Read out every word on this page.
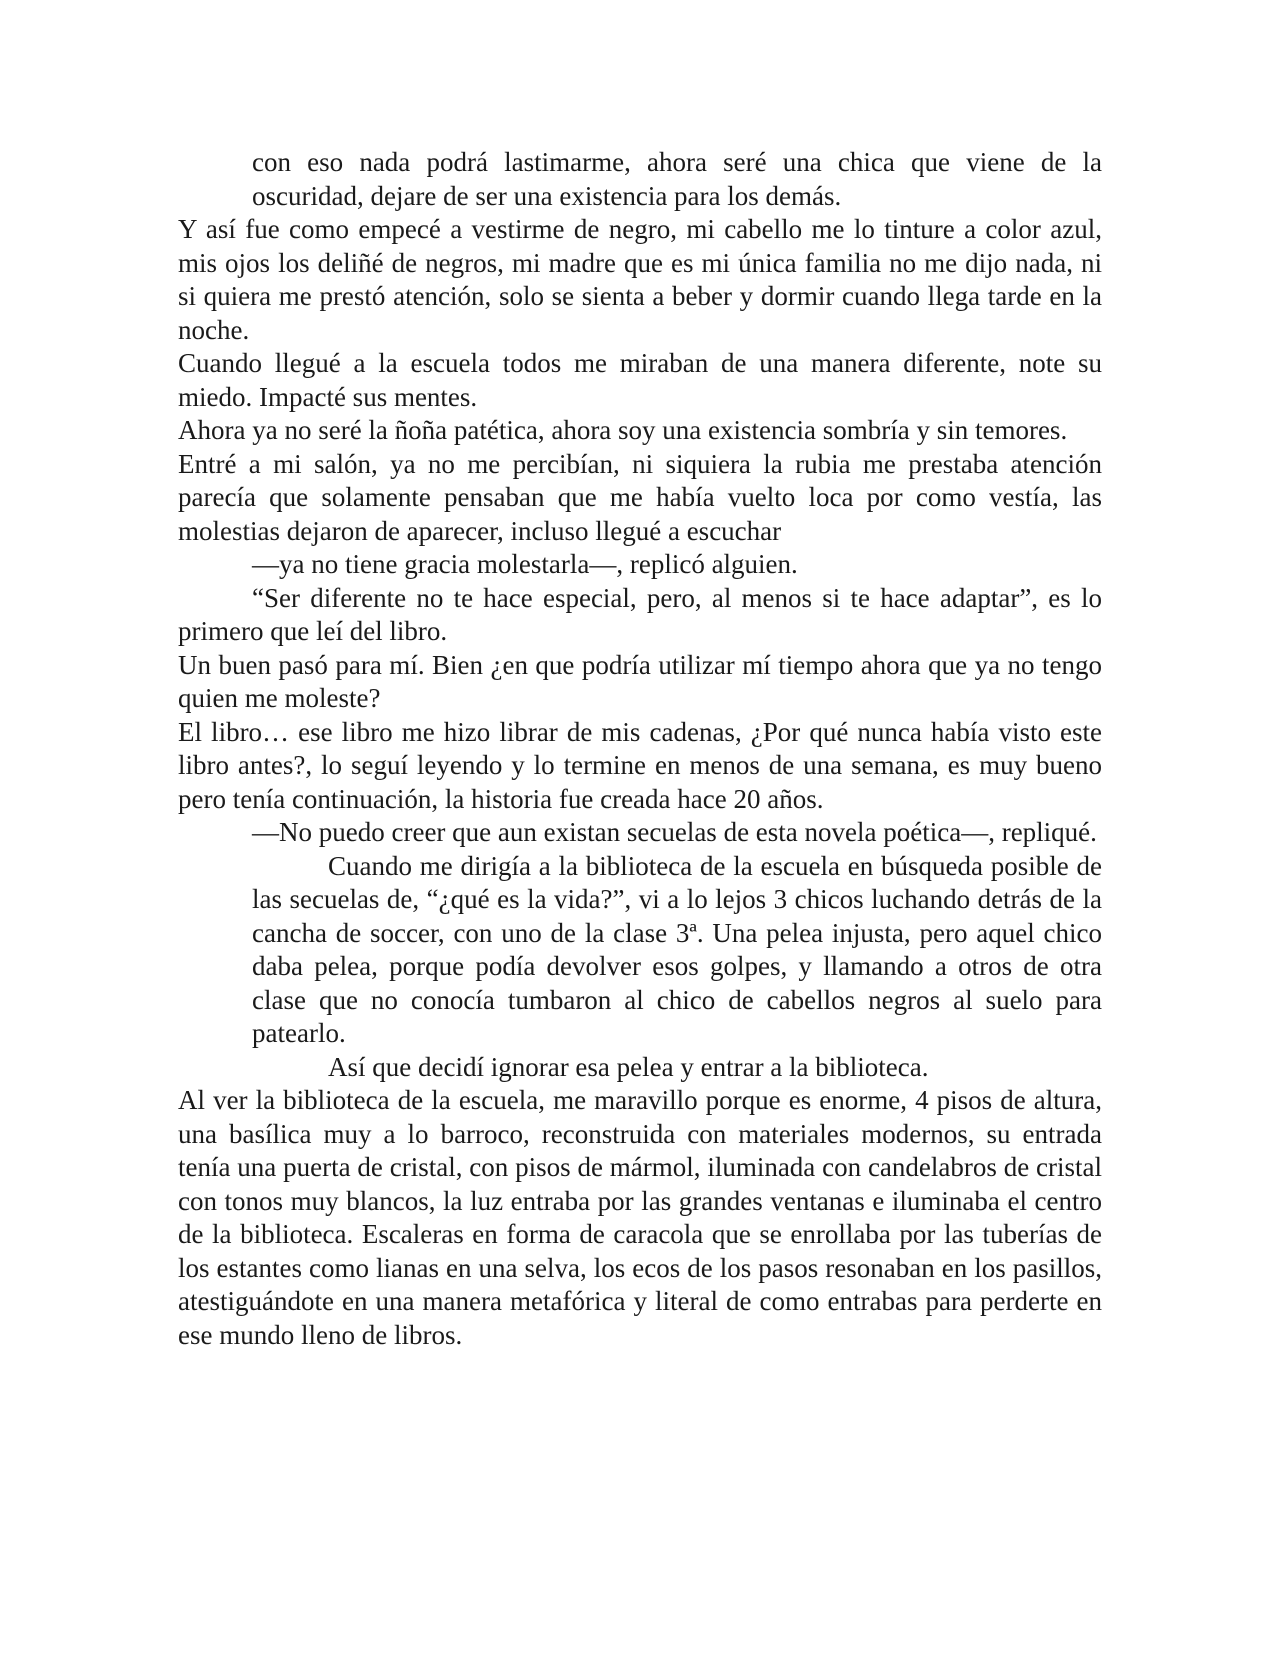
con eso nada podrá lastimarme, ahora seré una chica que viene de la oscuridad, dejare de ser una existencia para los demás.

Y así fue como empecé a vestirme de negro, mi cabello me lo tinture a color azul, mis ojos los deliñé de negros, mi madre que es mi única familia no me dijo nada, ni si quiera me prestó atención, solo se sienta a beber y dormir cuando llega tarde en la noche.

Cuando llegué a la escuela todos me miraban de una manera diferente, note su miedo. Impacté sus mentes.

Ahora ya no seré la ñoña patética, ahora soy una existencia sombría y sin temores.

Entré a mi salón, ya no me percibían, ni siquiera la rubia me prestaba atención parecía que solamente pensaban que me había vuelto loca por como vestía, las molestias dejaron de aparecer, incluso llegué a escuchar

—ya no tiene gracia molestarla—, replicó alguien.

“Ser diferente no te hace especial, pero, al menos si te hace adaptar”, es lo primero que leí del libro.

Un buen pasó para mí. Bien ¿en que podría utilizar mí tiempo ahora que ya no tengo quien me moleste?

El libro… ese libro me hizo librar de mis cadenas, ¿Por qué nunca había visto este libro antes?, lo seguí leyendo y lo termine en menos de una semana, es muy bueno pero tenía continuación, la historia fue creada hace 20 años.

—No puedo creer que aun existan secuelas de esta novela poética—, repliqué.

Cuando me dirigía a la biblioteca de la escuela en búsqueda posible de las secuelas de, “¿qué es la vida?”, vi a lo lejos 3 chicos luchando detrás de la cancha de soccer, con uno de la clase 3ª. Una pelea injusta, pero aquel chico daba pelea, porque podía devolver esos golpes, y llamando a otros de otra clase que no conocía tumbaron al chico de cabellos negros al suelo para patearlo.

Así que decidí ignorar esa pelea y entrar a la biblioteca.

Al ver la biblioteca de la escuela, me maravillo porque es enorme, 4 pisos de altura, una basílica muy a lo barroco, reconstruida con materiales modernos, su entrada tenía una puerta de cristal, con pisos de mármol, iluminada con candelabros de cristal con tonos muy blancos, la luz entraba por las grandes ventanas e iluminaba el centro de la biblioteca. Escaleras en forma de caracola que se enrollaba por las tuberías de los estantes como lianas en una selva, los ecos de los pasos resonaban en los pasillos, atestiguándote en una manera metafórica y literal de como entrabas para perderte en ese mundo lleno de libros.
